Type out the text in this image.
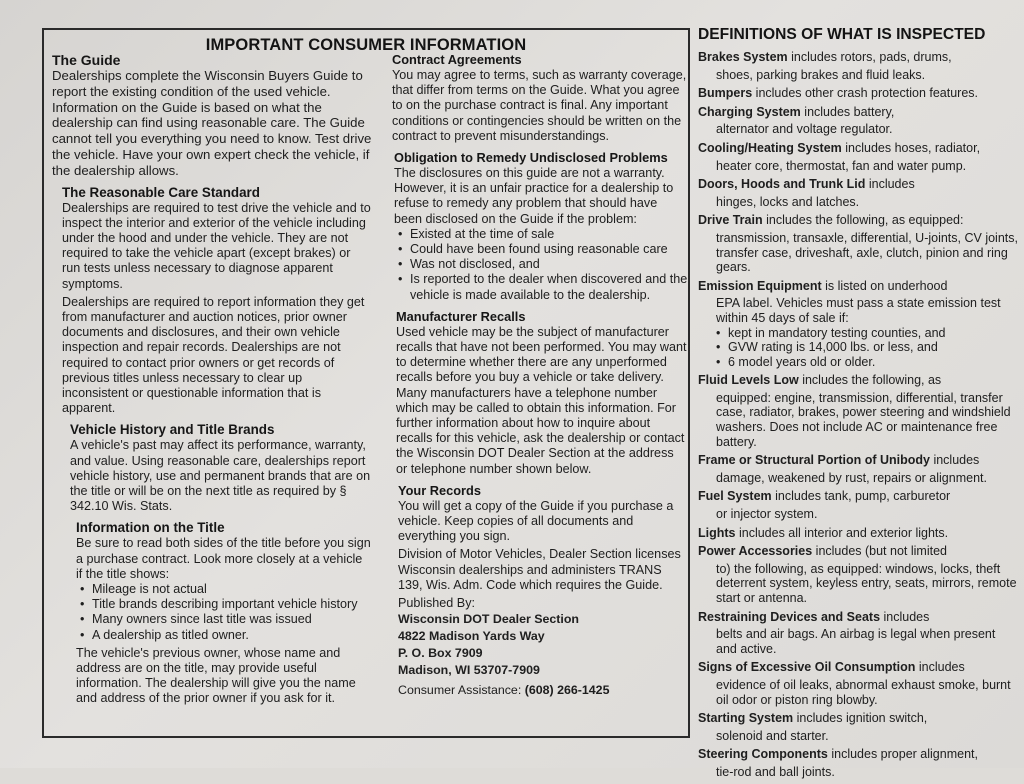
IMPORTANT CONSUMER INFORMATION
The Guide

Dealerships complete the Wisconsin Buyers Guide to report the existing condition of the used vehicle. Information on the Guide is based on what the dealership can find using reasonable care. The Guide cannot tell you everything you need to know. Test drive the vehicle. Have your own expert check the vehicle, if the dealership allows.

The Reasonable Care Standard

Dealerships are required to test drive the vehicle and to inspect the interior and exterior of the vehicle including under the hood and under the vehicle. They are not required to take the vehicle apart (except brakes) or run tests unless necessary to diagnose apparent symptoms.

Dealerships are required to report information they get from manufacturer and auction notices, prior owner documents and disclosures, and their own vehicle inspection and repair records. Dealerships are not required to contact prior owners or get records of previous titles unless necessary to clear up inconsistent or questionable information that is apparent.

Vehicle History and Title Brands

A vehicle's past may affect its performance, warranty, and value. Using reasonable care, dealerships report vehicle history, use and permanent brands that are on the title or will be on the next title as required by § 342.10 Wis. Stats.

Information on the Title

Be sure to read both sides of the title before you sign a purchase contract. Look more closely at a vehicle if the title shows:

• Mileage is not actual
• Title brands describing important vehicle history
• Many owners since last title was issued
• A dealership as titled owner.

The vehicle's previous owner, whose name and address are on the title, may provide useful information. The dealership will give you the name and address of the prior owner if you ask for it.

Contract Agreements

You may agree to terms, such as warranty coverage, that differ from terms on the Guide. What you agree to on the purchase contract is final. Any important conditions or contingencies should be written on the contract to prevent misunderstandings.

Obligation to Remedy Undisclosed Problems

The disclosures on this guide are not a warranty. However, it is an unfair practice for a dealership to refuse to remedy any problem that should have been disclosed on the Guide if the problem:

• Existed at the time of sale
• Could have been found using reasonable care
• Was not disclosed, and
• Is reported to the dealer when discovered and the vehicle is made available to the dealership.
Manufacturer Recalls

Used vehicle may be the subject of manufacturer recalls that have not been performed. You may want to determine whether there are any unperformed recalls before you buy a vehicle or take delivery. Many manufacturers have a telephone number which may be called to obtain this information. For further information about how to inquire about recalls for this vehicle, ask the dealership or contact the Wisconsin DOT Dealer Section at the address or telephone number shown below.

Your Records

You will get a copy of the Guide if you purchase a vehicle. Keep copies of all documents and everything you sign.

Division of Motor Vehicles, Dealer Section licenses Wisconsin dealerships and administers TRANS 139, Wis. Adm. Code which requires the Guide.

Published By:

Wisconsin DOT Dealer Section
4822 Madison Yards Way
P. O. Box 7909
Madison, WI 53707-7909
Consumer Assistance: (608) 266-1425
DEFINITIONS OF WHAT IS INSPECTED

Brakes System includes rotors, pads, drums,

shoes, parking brakes and fluid leaks.

Bumpers includes other crash protection features.

Charging System includes battery,

alternator and voltage regulator.

Cooling/Heating System includes hoses, radiator,

heater core, thermostat, fan and water pump.

Doors, Hoods and Trunk Lid includes

hinges, locks and latches.

Drive Train includes the following, as equipped:

transmission, transaxle, differential, U-joints, CV joints, transfer case, driveshaft, axle, clutch, pinion and ring gears.

Emission Equipment is listed on underhood

EPA label. Vehicles must pass a state emission test within 45 days of sale if:

• kept in mandatory testing counties, and
• GVW rating is 14,000 lbs. or less, and
• 6 model years old or older.

Fluid Levels Low includes the following, as

equipped: engine, transmission, differential, transfer case, radiator, brakes, power steering and windshield washers. Does not include AC or maintenance free battery.

Frame or Structural Portion of Unibody includes

damage, weakened by rust, repairs or alignment.

Fuel System includes tank, pump, carburetor

or injector system.

Lights includes all interior and exterior lights.

Power Accessories includes (but not limited

to) the following, as equipped: windows, locks, theft deterrent system, keyless entry, seats, mirrors, remote start or antenna.

Restraining Devices and Seats includes

belts and air bags. An airbag is legal when present and active.

Signs of Excessive Oil Consumption includes

evidence of oil leaks, abnormal exhaust smoke, burnt oil odor or piston ring blowby.

Starting System includes ignition switch,

solenoid and starter.

Steering Components includes proper alignment,

tie-rod and ball joints.
